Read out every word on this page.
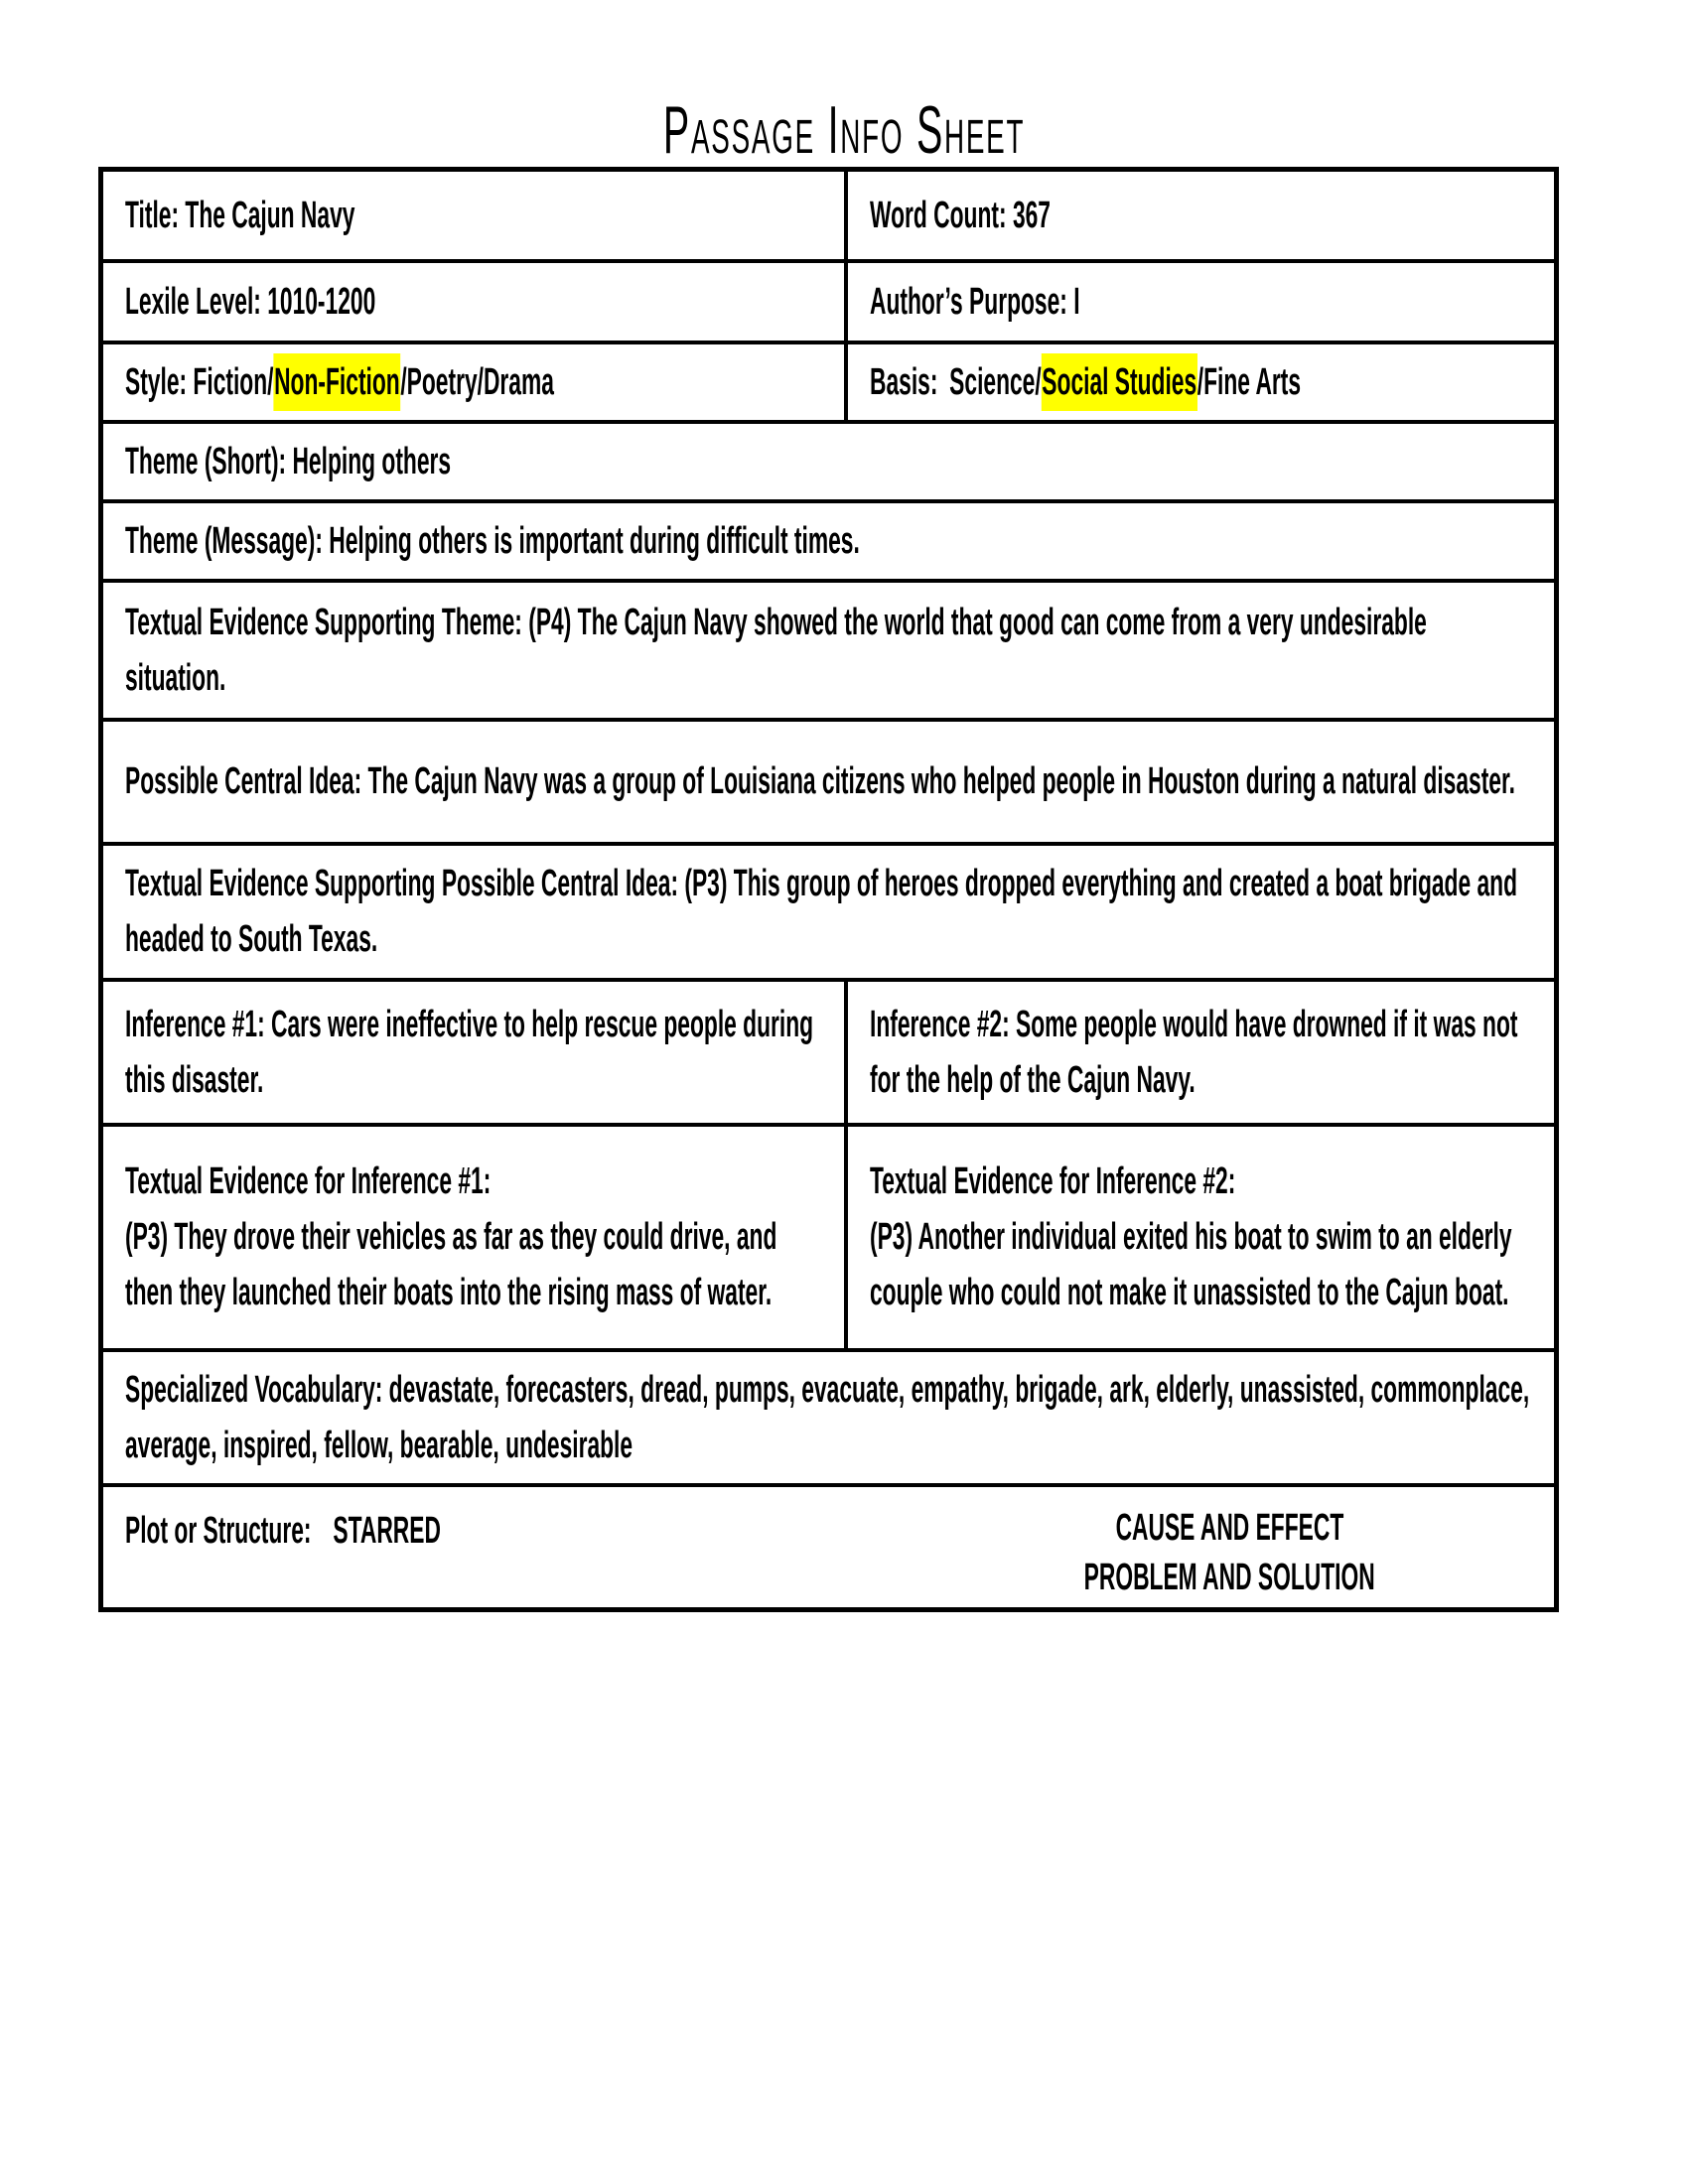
Passage Info Sheet
Title: The Cajun Navy	Word Count: 367
Lexile Level: 1010-1200	Author’s Purpose: I
Style: Fiction/Non-Fiction/Poetry/Drama	Basis: Science/Social Studies/Fine Arts
Theme (Short): Helping others	
Theme (Message): Helping others is important during difficult times.	

Textual Evidence Supporting Theme: (P4) The Cajun Navy showed the world that good can come from a very undesirable situation.	

Possible Central Idea: The Cajun Navy was a group of Louisiana citizens who helped people in Houston during a natural disaster.	

Textual Evidence Supporting Possible Central Idea: (P3) This group of heroes dropped everything and created a boat brigade and headed to South Texas.	

Inference #1: Cars were ineffective to help rescue people during this disaster.	Inference #2: Some people would have drowned if it was not for the help of the Cajun Navy.

Textual Evidence for Inference #1:
(P3) They drove their vehicles as far as they could drive, and then they launched their boats into the rising mass of water.

Textual Evidence for Inference #2:
(P3) Another individual exited his boat to swim to an elderly couple who could not make it unassisted to the Cajun boat.

Specialized Vocabulary: devastate, forecasters, dread, pumps, evacuate, empathy, brigade, ark, elderly, unassisted, commonplace, average, inspired, fellow, bearable, undesirable	

Plot or Structure: STARRED CAUSE AND EFFECT
PROBLEM AND SOLUTION	
